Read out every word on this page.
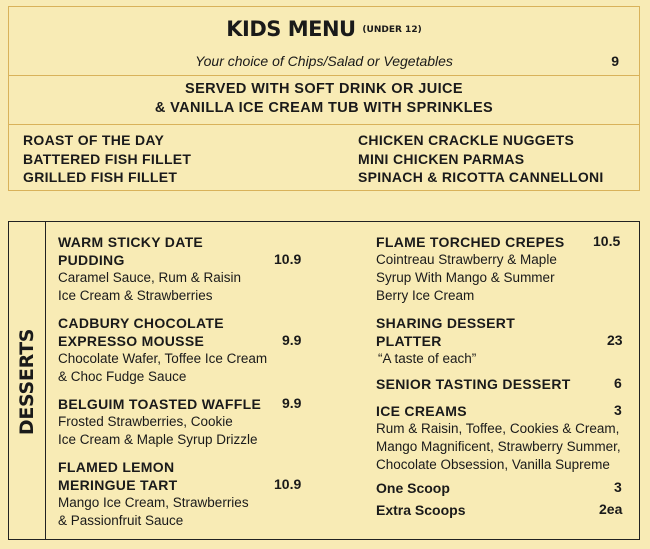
KIDS MENU (UNDER 12)
Your choice of Chips/Salad or Vegetables	9
SERVED WITH SOFT DRINK OR JUICE
& VANILLA ICE CREAM TUB WITH SPRINKLES
ROAST OF THE DAY
BATTERED FISH FILLET
GRILLED FISH FILLET
CHICKEN CRACKLE NUGGETS
MINI CHICKEN PARMAS
SPINACH & RICOTTA CANNELLONI
DESSERTS
WARM STICKY DATE
PUDDING
Caramel Sauce, Rum & Raisin
Ice Cream & Strawberries
10.9
CADBURY CHOCOLATE
EXPRESSO MOUSSE
Chocolate Wafer, Toffee Ice Cream
& Choc Fudge Sauce
9.9
BELGUIM TOASTED WAFFLE
Frosted Strawberries, Cookie
Ice Cream & Maple Syrup Drizzle
9.9
FLAMED LEMON
MERINGUE TART
Mango Ice Cream, Strawberries
& Passionfruit Sauce
10.9
FLAME TORCHED CREPES
Cointreau Strawberry & Maple
Syrup With Mango & Summer
Berry Ice Cream
10.5
SHARING DESSERT
PLATTER
“A taste of each”
23
SENIOR TASTING DESSERT	6
ICE CREAMS
Rum & Raisin, Toffee, Cookies & Cream,
Mango Magnificent, Strawberry Summer,
Chocolate Obsession, Vanilla Supreme
3
One Scoop	3
Extra Scoops	2ea
